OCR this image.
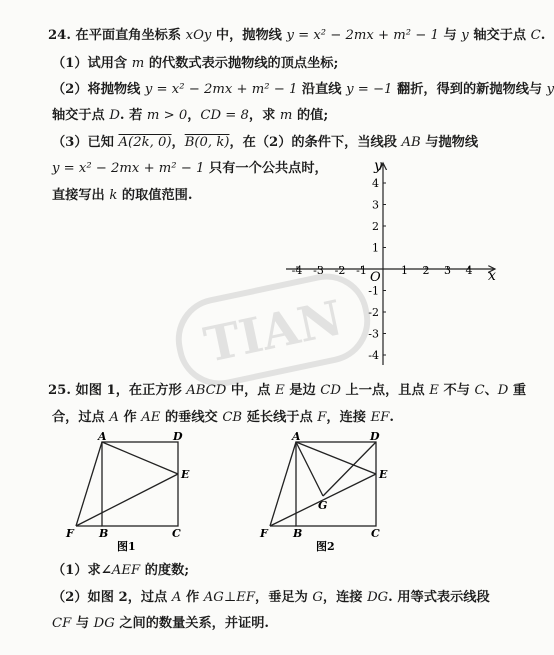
24. 在平面直角坐标系 xOy 中，抛物线 y = x² − 2mx + m² − 1 与 y 轴交于点 C.
（1）试用含 m 的代数式表示抛物线的顶点坐标;
（2）将抛物线 y = x² − 2mx + m² − 1 沿直线 y = −1 翻折，得到的新抛物线与 y
轴交于点 D. 若 m > 0，CD = 8，求 m 的值;
（3）已知 A(2k, 0)，B(0, k)，在（2）的条件下，当线段 AB 与抛物线
y = x² − 2mx + m² − 1 只有一个公共点时，
直接写出 k 的取值范围.
x
y
O
-4 -3 -2 -1	1 2 3 4
4
3
2
1
-1
-2
-3
-4
TIAN
25. 如图 1，在正方形 ABCD 中，点 E 是边 CD 上一点，且点 E 不与 C、D 重
合，过点 A 作 AE 的垂线交 CB 延长线于点 F，连接 EF.
A	D
E
F B	C
图1
A	D
E
G
F B	C
图2
（1）求∠AEF 的度数;
（2）如图 2，过点 A 作 AG⊥EF，垂足为 G，连接 DG. 用等式表示线段
CF 与 DG 之间的数量关系，并证明.
